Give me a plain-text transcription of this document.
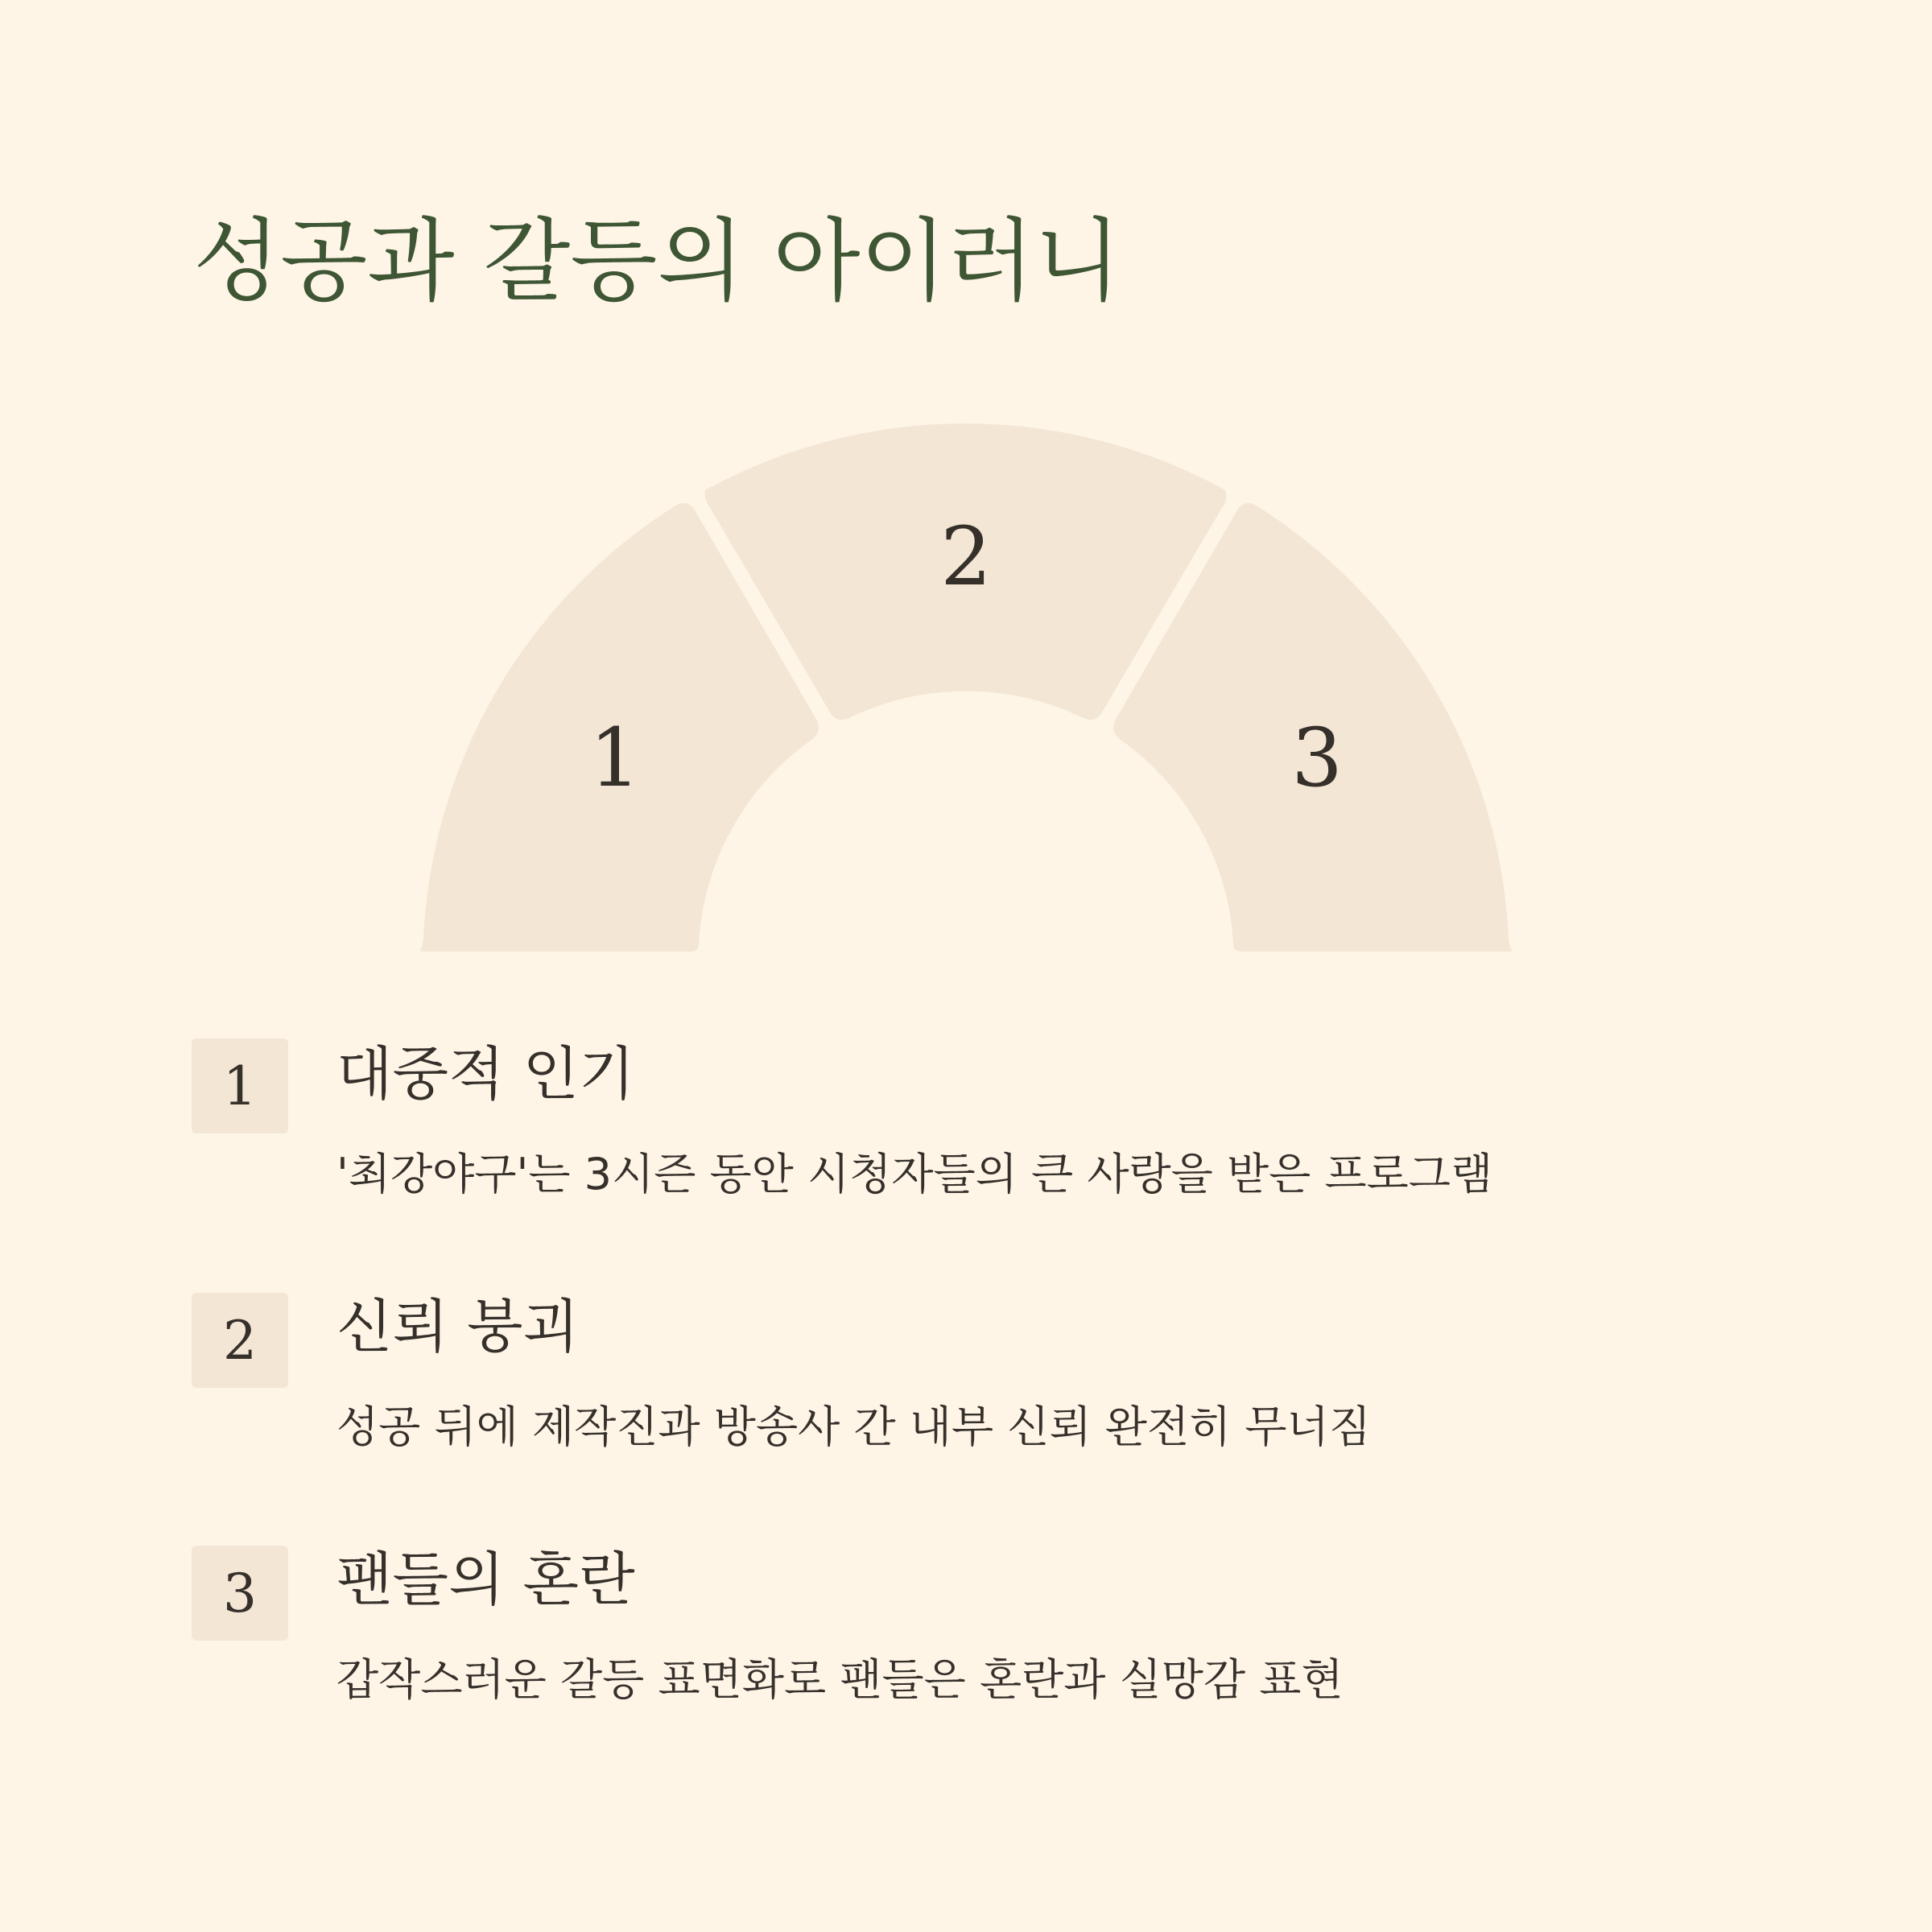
성공과 갈등의 아이러니
1
2
3
1	대중적 인기

'최강야구'는 3시즌 동안 시청자들의 큰 사랑을 받은 프로그램

2	신뢰 붕괴

성공 뒤에 제작진과 방송사 간 내부 신뢰 완전히 무너짐

3	팬들의 혼란

갑작스러운 갈등 표면화로 팬들은 혼란과 실망감 표현
